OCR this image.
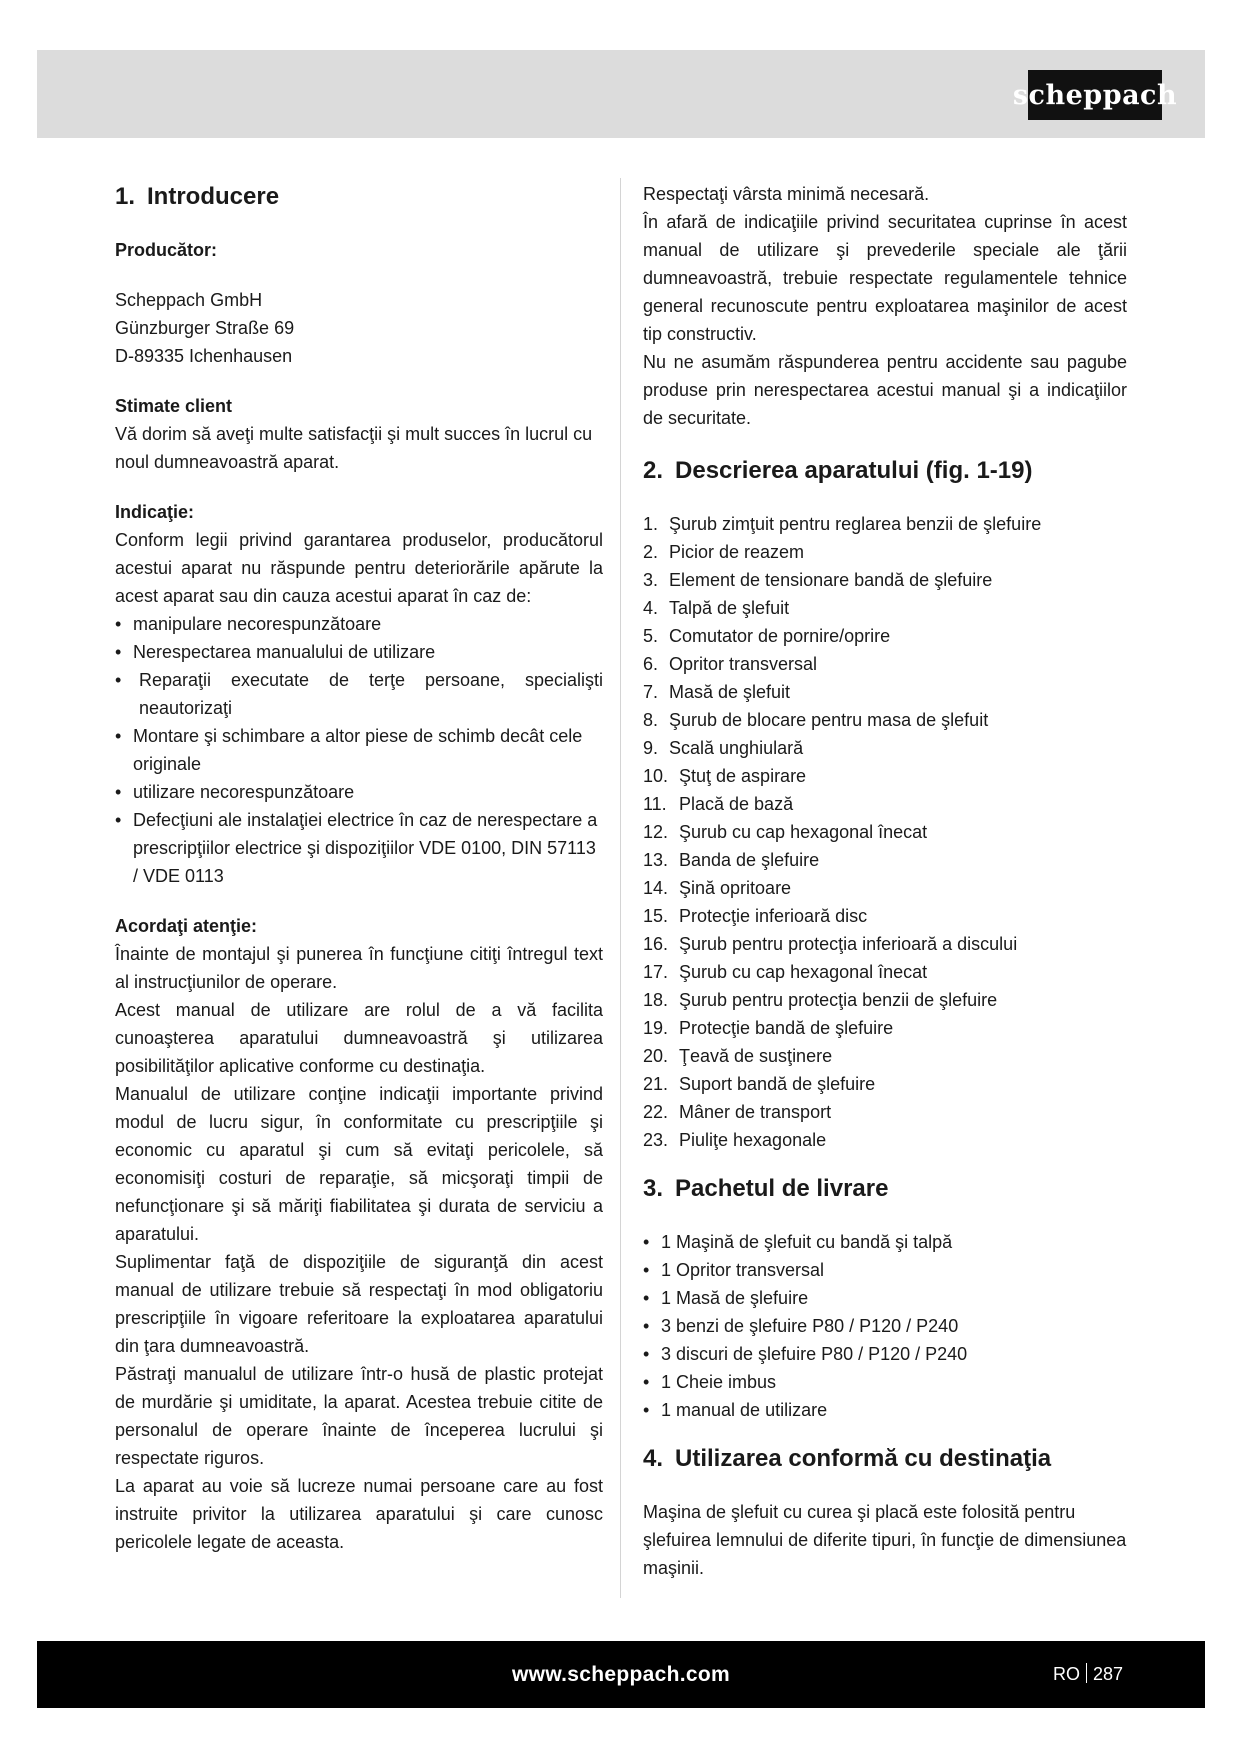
scheppach
1. Introducere

Producător:

Scheppach GmbH

Günzburger Straße 69

D-89335 Ichenhausen

Stimate client

Vă dorim să aveţi multe satisfacţii şi mult succes în lucrul cu noul dumneavoastră aparat.

Indicaţie:

Conform legii privind garantarea produselor, producătorul acestui aparat nu răspunde pentru deteriorările apărute la acest aparat sau din cauza acestui aparat în caz de:

• manipulare necorespunzătoare
• Nerespectarea manualului de utilizare
• Reparaţii executate de terţe persoane, specialişti neautorizaţi
• Montare şi schimbare a altor piese de schimb decât cele originale
• utilizare necorespunzătoare
• Defecţiuni ale instalaţiei electrice în caz de nerespectare a prescripţiilor electrice şi dispoziţiilor VDE 0100, DIN 57113 / VDE 0113

Acordaţi atenţie:

Înainte de montajul şi punerea în funcţiune citiţi întregul text al instrucţiunilor de operare.

Acest manual de utilizare are rolul de a vă facilita cunoaşterea aparatului dumneavoastră şi utilizarea posibilităţilor aplicative conforme cu destinaţia.

Manualul de utilizare conţine indicaţii importante privind modul de lucru sigur, în conformitate cu prescripţiile şi economic cu aparatul şi cum să evitaţi pericolele, să economisiţi costuri de reparaţie, să micşoraţi timpii de nefuncţionare şi să măriţi fiabilitatea şi durata de serviciu a aparatului.

Suplimentar faţă de dispoziţiile de siguranţă din acest manual de utilizare trebuie să respectaţi în mod obligatoriu prescripţiile în vigoare referitoare la exploatarea aparatului din ţara dumneavoastră.

Păstraţi manualul de utilizare într-o husă de plastic protejat de murdărie şi umiditate, la aparat. Acestea trebuie citite de personalul de operare înainte de începerea lucrului şi respectate riguros.

La aparat au voie să lucreze numai persoane care au fost instruite privitor la utilizarea aparatului şi care cunosc pericolele legate de aceasta.

Respectaţi vârsta minimă necesară.

În afară de indicaţiile privind securitatea cuprinse în acest manual de utilizare şi prevederile speciale ale ţării dumneavoastră, trebuie respectate regulamentele tehnice general recunoscute pentru exploatarea maşinilor de acest tip constructiv.

Nu ne asumăm răspunderea pentru accidente sau pagube produse prin nerespectarea acestui manual şi a indicaţiilor de securitate.

2. Descrierea aparatului (fig. 1-19)
1. Şurub zimţuit pentru reglarea benzii de şlefuire
2. Picior de reazem
3. Element de tensionare bandă de şlefuire
4. Talpă de şlefuit
5. Comutator de pornire/oprire
6. Opritor transversal
7. Masă de şlefuit
8. Şurub de blocare pentru masa de şlefuit
9. Scală unghiulară
10. Ştuţ de aspirare
11. Placă de bază
12. Şurub cu cap hexagonal înecat
13. Banda de şlefuire
14. Şină opritoare
15. Protecţie inferioară disc
16. Şurub pentru protecţia inferioară a discului
17. Şurub cu cap hexagonal înecat
18. Şurub pentru protecţia benzii de şlefuire
19. Protecţie bandă de şlefuire
20. Ţeavă de susţinere
21. Suport bandă de şlefuire
22. Mâner de transport
23. Piuliţe hexagonale
3. Pachetul de livrare
• 1 Maşină de şlefuit cu bandă şi talpă
• 1 Opritor transversal
• 1 Masă de şlefuire
• 3 benzi de şlefuire P80 / P120 / P240
• 3 discuri de şlefuire P80 / P120 / P240
• 1 Cheie imbus
• 1 manual de utilizare
4. Utilizarea conformă cu destinaţia

Maşina de şlefuit cu curea şi placă este folosită pentru şlefuirea lemnului de diferite tipuri, în funcţie de dimensiunea maşinii.

www.scheppach.com	RO 287
